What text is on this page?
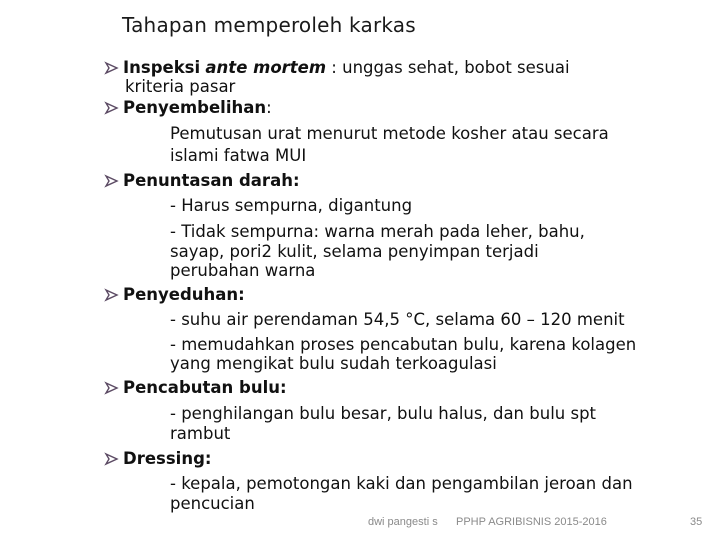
Tahapan memperoleh karkas
Inspeksi ante mortem : unggas sehat, bobot sesuai
kriteria pasar
Penyembelihan:
Pemutusan urat menurut metode kosher atau secara
islami fatwa MUI
Penuntasan darah:
- Harus sempurna, digantung
- Tidak sempurna: warna merah pada leher, bahu,
sayap, pori2 kulit, selama penyimpan terjadi
perubahan warna
Penyeduhan:
- suhu air perendaman 54,5 °C, selama 60 – 120 menit
- memudahkan proses pencabutan bulu, karena kolagen
yang mengikat bulu sudah terkoagulasi
Pencabutan bulu:
- penghilangan bulu besar, bulu halus, dan bulu spt
rambut
Dressing:
- kepala, pemotongan kaki dan pengambilan jeroan dan
pencucian
dwi pangesti s PPHP AGRIBISNIS 2015-2016	35
